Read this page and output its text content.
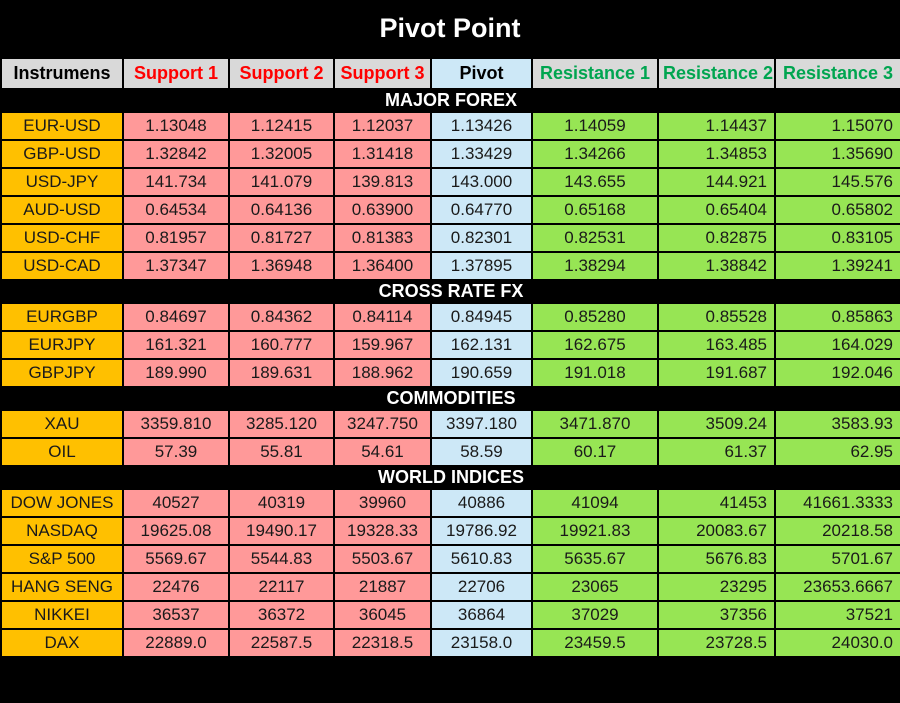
Pivot Point
Instrumens	Support 1	Support 2	Support 3	Pivot	Resistance 1	Resistance 2	Resistance 3
MAJOR FOREX							
EUR-USD	1.13048	1.12415	1.12037	1.13426	1.14059	1.14437	1.15070
GBP-USD	1.32842	1.32005	1.31418	1.33429	1.34266	1.34853	1.35690
USD-JPY	141.734	141.079	139.813	143.000	143.655	144.921	145.576
AUD-USD	0.64534	0.64136	0.63900	0.64770	0.65168	0.65404	0.65802
USD-CHF	0.81957	0.81727	0.81383	0.82301	0.82531	0.82875	0.83105
USD-CAD	1.37347	1.36948	1.36400	1.37895	1.38294	1.38842	1.39241
CROSS RATE FX							
EURGBP	0.84697	0.84362	0.84114	0.84945	0.85280	0.85528	0.85863
EURJPY	161.321	160.777	159.967	162.131	162.675	163.485	164.029
GBPJPY	189.990	189.631	188.962	190.659	191.018	191.687	192.046
COMMODITIES							
XAU	3359.810	3285.120	3247.750	3397.180	3471.870	3509.24	3583.93
OIL	57.39	55.81	54.61	58.59	60.17	61.37	62.95
WORLD INDICES							
DOW JONES	40527	40319	39960	40886	41094	41453	41661.3333
NASDAQ	19625.08	19490.17	19328.33	19786.92	19921.83	20083.67	20218.58
S&P 500	5569.67	5544.83	5503.67	5610.83	5635.67	5676.83	5701.67
HANG SENG	22476	22117	21887	22706	23065	23295	23653.6667
NIKKEI	36537	36372	36045	36864	37029	37356	37521
DAX	22889.0	22587.5	22318.5	23158.0	23459.5	23728.5	24030.0
